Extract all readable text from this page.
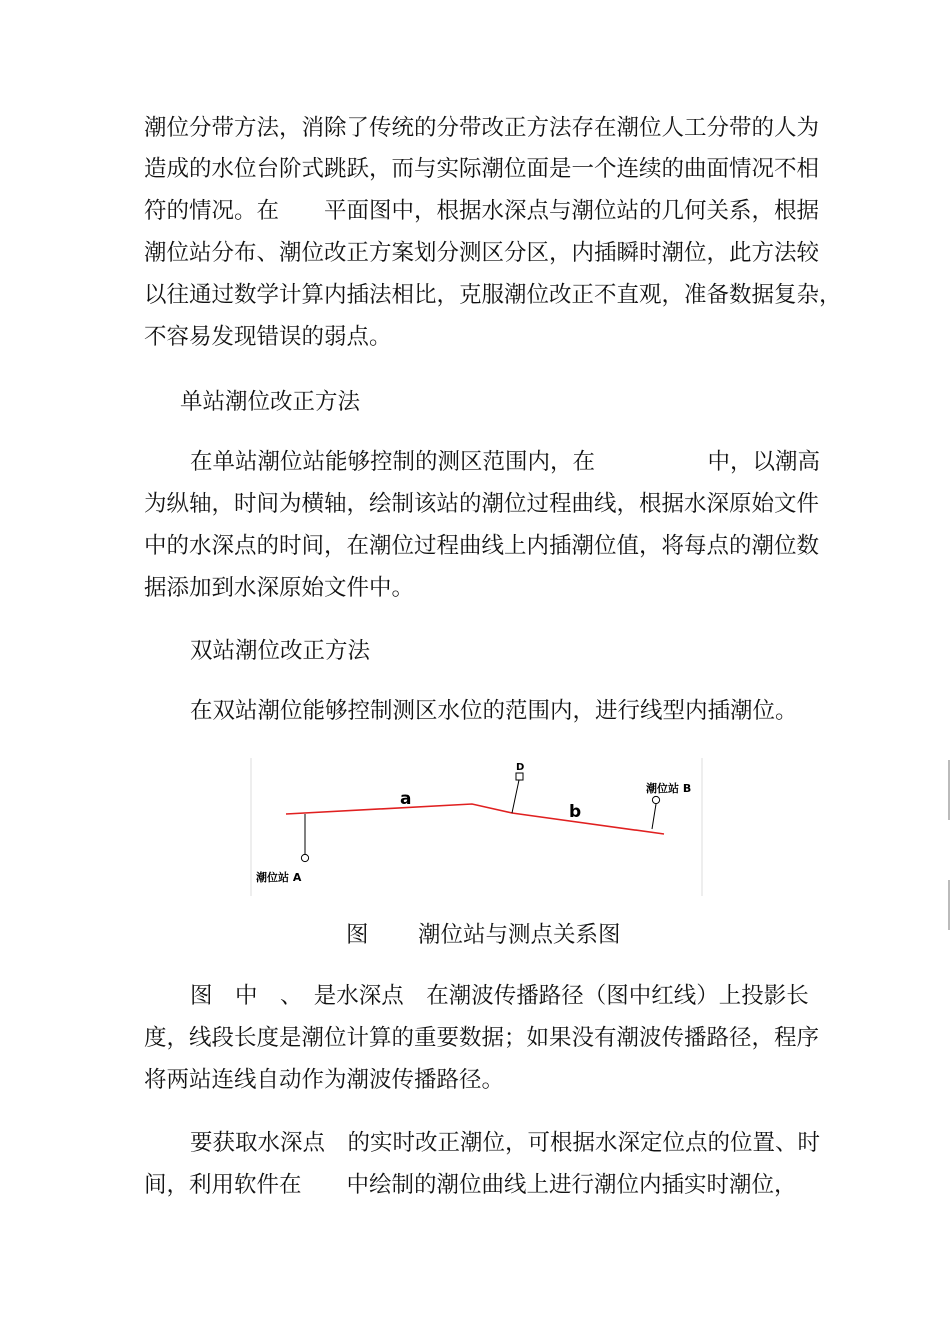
潮位分带方法，消除了传统的分带改正方法存在潮位人工分带的人为
造成的水位台阶式跳跃，而与实际潮位面是一个连续的曲面情况不相
符的情况。在　　平面图中，根据水深点与潮位站的几何关系，根据
潮位站分布、潮位改正方案划分测区分区，内插瞬时潮位，此方法较
以往通过数学计算内插法相比，克服潮位改正不直观，准备数据复杂，
不容易发现错误的弱点。
单站潮位改正方法
在单站潮位站能够控制的测区范围内，在　　　　　中，以潮高
为纵轴，时间为横轴，绘制该站的潮位过程曲线，根据水深原始文件
中的水深点的时间，在潮位过程曲线上内插潮位值，将每点的潮位数
据添加到水深原始文件中。
双站潮位改正方法
在双站潮位能够控制测区水位的范围内，进行线型内插潮位。
a
b
D
潮位站 A
潮位站 B
图 潮位站与测点关系图
图　中　、　是水深点　在潮波传播路径（图中红线）上投影长
度，线段长度是潮位计算的重要数据；如果没有潮波传播路径，程序
将两站连线自动作为潮波传播路径。
要获取水深点　的实时改正潮位，可根据水深定位点的位置、时
间，利用软件在　　中绘制的潮位曲线上进行潮位内插实时潮位，
